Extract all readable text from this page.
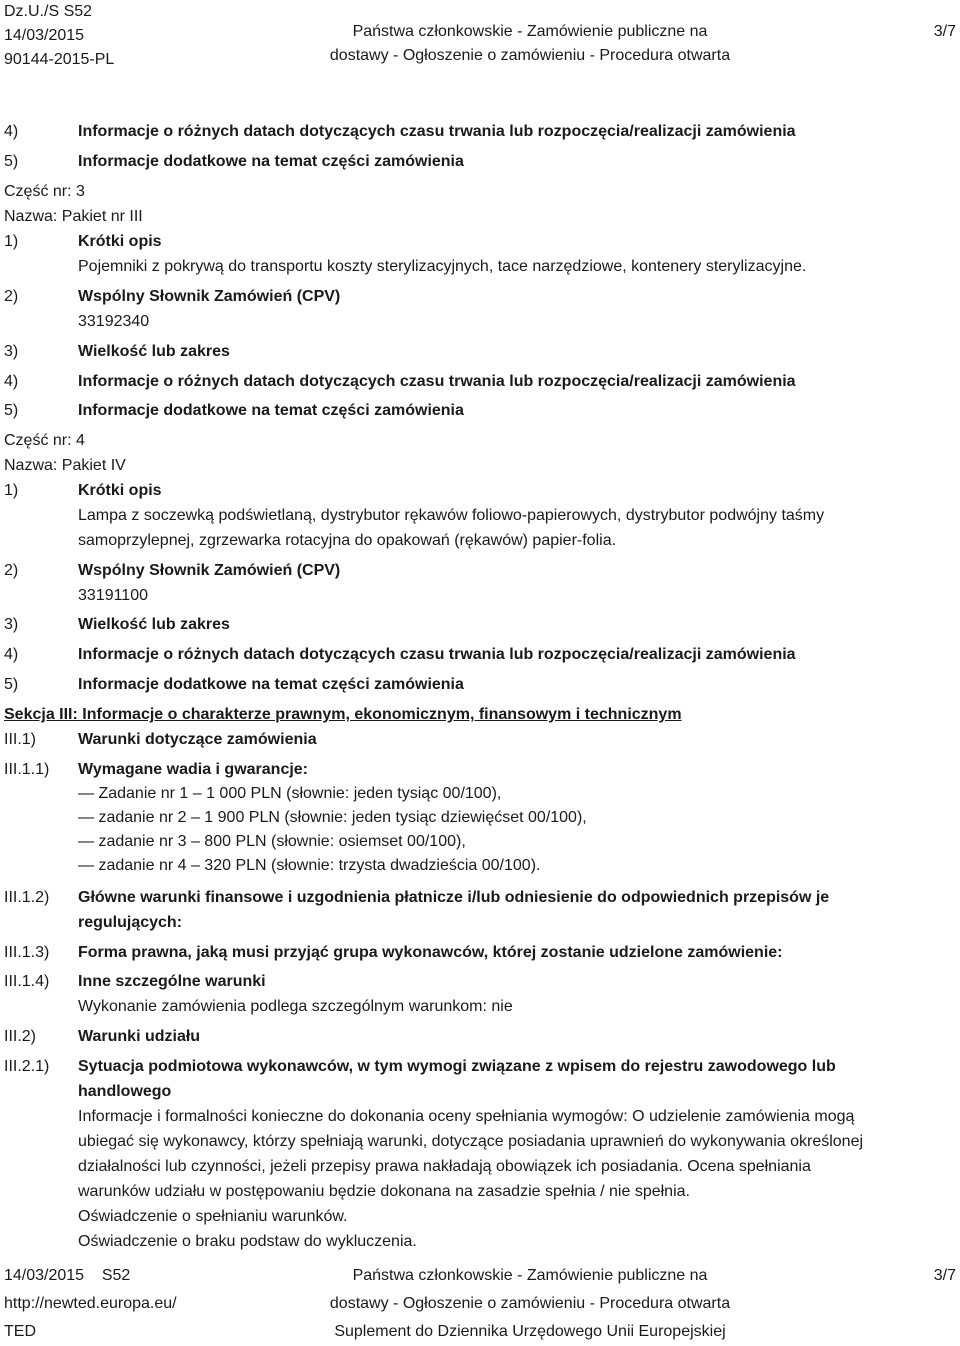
Dz.U./S S52
14/03/2015
90144-2015-PL
Państwa członkowskie - Zamówienie publiczne na
dostawy - Ogłoszenie o zamówieniu - Procedura otwarta
3/7
4)	Informacje o różnych datach dotyczących czasu trwania lub rozpoczęcia/realizacji zamówienia
5)	Informacje dodatkowe na temat części zamówienia
Część nr: 3
Nazwa: Pakiet nr III
1)	Krótki opis
Pojemniki z pokrywą do transportu koszty sterylizacyjnych, tace narzędziowe, kontenery sterylizacyjne.
2)	Wspólny Słownik Zamówień (CPV)
33192340
3)	Wielkość lub zakres
4)	Informacje o różnych datach dotyczących czasu trwania lub rozpoczęcia/realizacji zamówienia
5)	Informacje dodatkowe na temat części zamówienia
Część nr: 4
Nazwa: Pakiet IV
1)	Krótki opis
Lampa z soczewką podświetlaną, dystrybutor rękawów foliowo-papierowych, dystrybutor podwójny taśmy
samoprzylepnej, zgrzewarka rotacyjna do opakowań (rękawów) papier-folia.
2)	Wspólny Słownik Zamówień (CPV)
33191100
3)	Wielkość lub zakres
4)	Informacje o różnych datach dotyczących czasu trwania lub rozpoczęcia/realizacji zamówienia
5)	Informacje dodatkowe na temat części zamówienia
Sekcja III: Informacje o charakterze prawnym, ekonomicznym, finansowym i technicznym
III.1)	Warunki dotyczące zamówienia
III.1.1) Wymagane wadia i gwarancje:
— Zadanie nr 1 – 1 000 PLN (słownie: jeden tysiąc 00/100),
— zadanie nr 2 – 1 900 PLN (słownie: jeden tysiąc dziewięćset 00/100),
— zadanie nr 3 – 800 PLN (słownie: osiemset 00/100),
— zadanie nr 4 – 320 PLN (słownie: trzysta dwadzieścia 00/100).
III.1.2) Główne warunki finansowe i uzgodnienia płatnicze i/lub odniesienie do odpowiednich przepisów je
regulujących:
III.1.3) Forma prawna, jaką musi przyjąć grupa wykonawców, której zostanie udzielone zamówienie:
III.1.4) Inne szczególne warunki
Wykonanie zamówienia podlega szczególnym warunkom: nie
III.2)	Warunki udziału
III.2.1) Sytuacja podmiotowa wykonawców, w tym wymogi związane z wpisem do rejestru zawodowego lub
handlowego
Informacje i formalności konieczne do dokonania oceny spełniania wymogów: O udzielenie zamówienia mogą
ubiegać się wykonawcy, którzy spełniają warunki, dotyczące posiadania uprawnień do wykonywania określonej
działalności lub czynności, jeżeli przepisy prawa nakładają obowiązek ich posiadania. Ocena spełniania
warunków udziału w postępowaniu będzie dokonana na zasadzie spełnia / nie spełnia.
Oświadczenie o spełnianiu warunków.
Oświadczenie o braku podstaw do wykluczenia.
14/03/2015    S52
http://newted.europa.eu/
TED
Państwa członkowskie - Zamówienie publiczne na
dostawy - Ogłoszenie o zamówieniu - Procedura otwarta
Suplement do Dziennika Urzędowego Unii Europejskiej
3/7
